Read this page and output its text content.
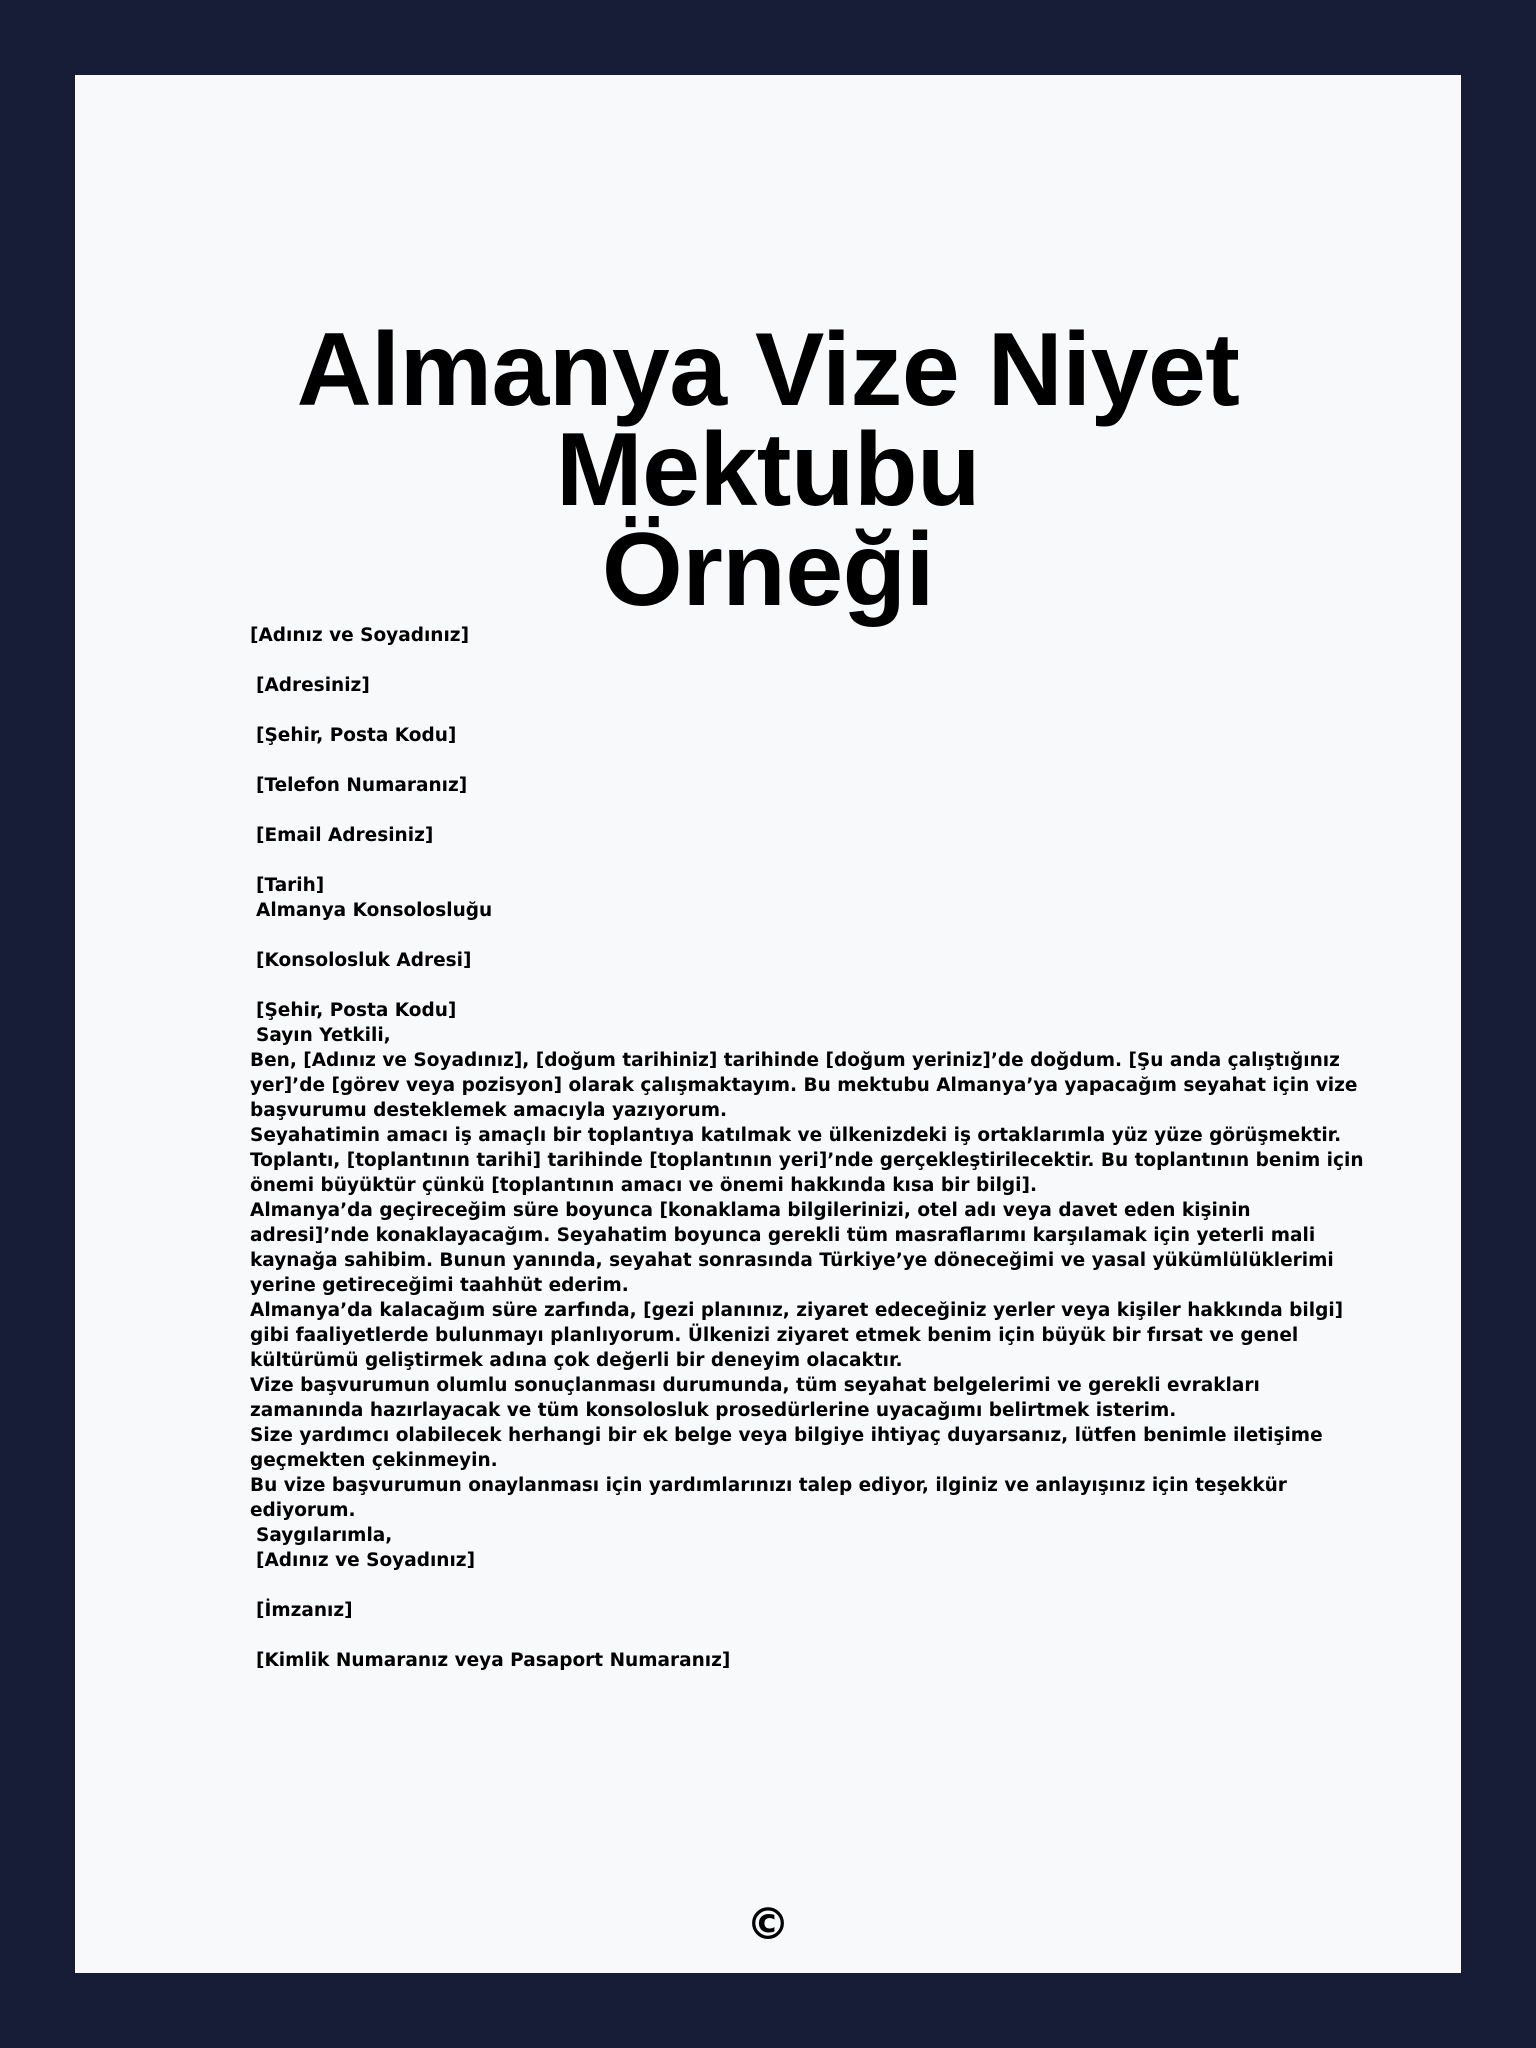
Almanya Vize Niyet Mektubu
Örneği
[Adınız ve Soyadınız]
[Adresiniz]
[Şehir, Posta Kodu]
[Telefon Numaranız]
[Email Adresiniz]
[Tarih]
Almanya Konsolosluğu
[Konsolosluk Adresi]
[Şehir, Posta Kodu]
Sayın Yetkili,
Ben, [Adınız ve Soyadınız], [doğum tarihiniz] tarihinde [doğum yeriniz]’de doğdum. [Şu anda çalıştığınız yer]’de [görev veya pozisyon] olarak çalışmaktayım. Bu mektubu Almanya’ya yapacağım seyahat için vize başvurumu desteklemek amacıyla yazıyorum.
Seyahatimin amacı iş amaçlı bir toplantıya katılmak ve ülkenizdeki iş ortaklarımla yüz yüze görüşmektir. Toplantı, [toplantının tarihi] tarihinde [toplantının yeri]’nde gerçekleştirilecektir. Bu toplantının benim için önemi büyüktür çünkü [toplantının amacı ve önemi hakkında kısa bir bilgi].
Almanya’da geçireceğim süre boyunca [konaklama bilgilerinizi, otel adı veya davet eden kişinin adresi]’nde konaklayacağım. Seyahatim boyunca gerekli tüm masraflarımı karşılamak için yeterli mali kaynağa sahibim. Bunun yanında, seyahat sonrasında Türkiye’ye döneceğimi ve yasal yükümlülüklerimi yerine getireceğimi taahhüt ederim.
Almanya’da kalacağım süre zarfında, [gezi planınız, ziyaret edeceğiniz yerler veya kişiler hakkında bilgi] gibi faaliyetlerde bulunmayı planlıyorum. Ülkenizi ziyaret etmek benim için büyük bir fırsat ve genel kültürümü geliştirmek adına çok değerli bir deneyim olacaktır.
Vize başvurumun olumlu sonuçlanması durumunda, tüm seyahat belgelerimi ve gerekli evrakları zamanında hazırlayacak ve tüm konsolosluk prosedürlerine uyacağımı belirtmek isterim.
Size yardımcı olabilecek herhangi bir ek belge veya bilgiye ihtiyaç duyarsanız, lütfen benimle iletişime geçmekten çekinmeyin.
Bu vize başvurumun onaylanması için yardımlarınızı talep ediyor, ilginiz ve anlayışınız için teşekkür ediyorum.
Saygılarımla,
[Adınız ve Soyadınız]
[İmzanız]
[Kimlik Numaranız veya Pasaport Numaranız]
©
